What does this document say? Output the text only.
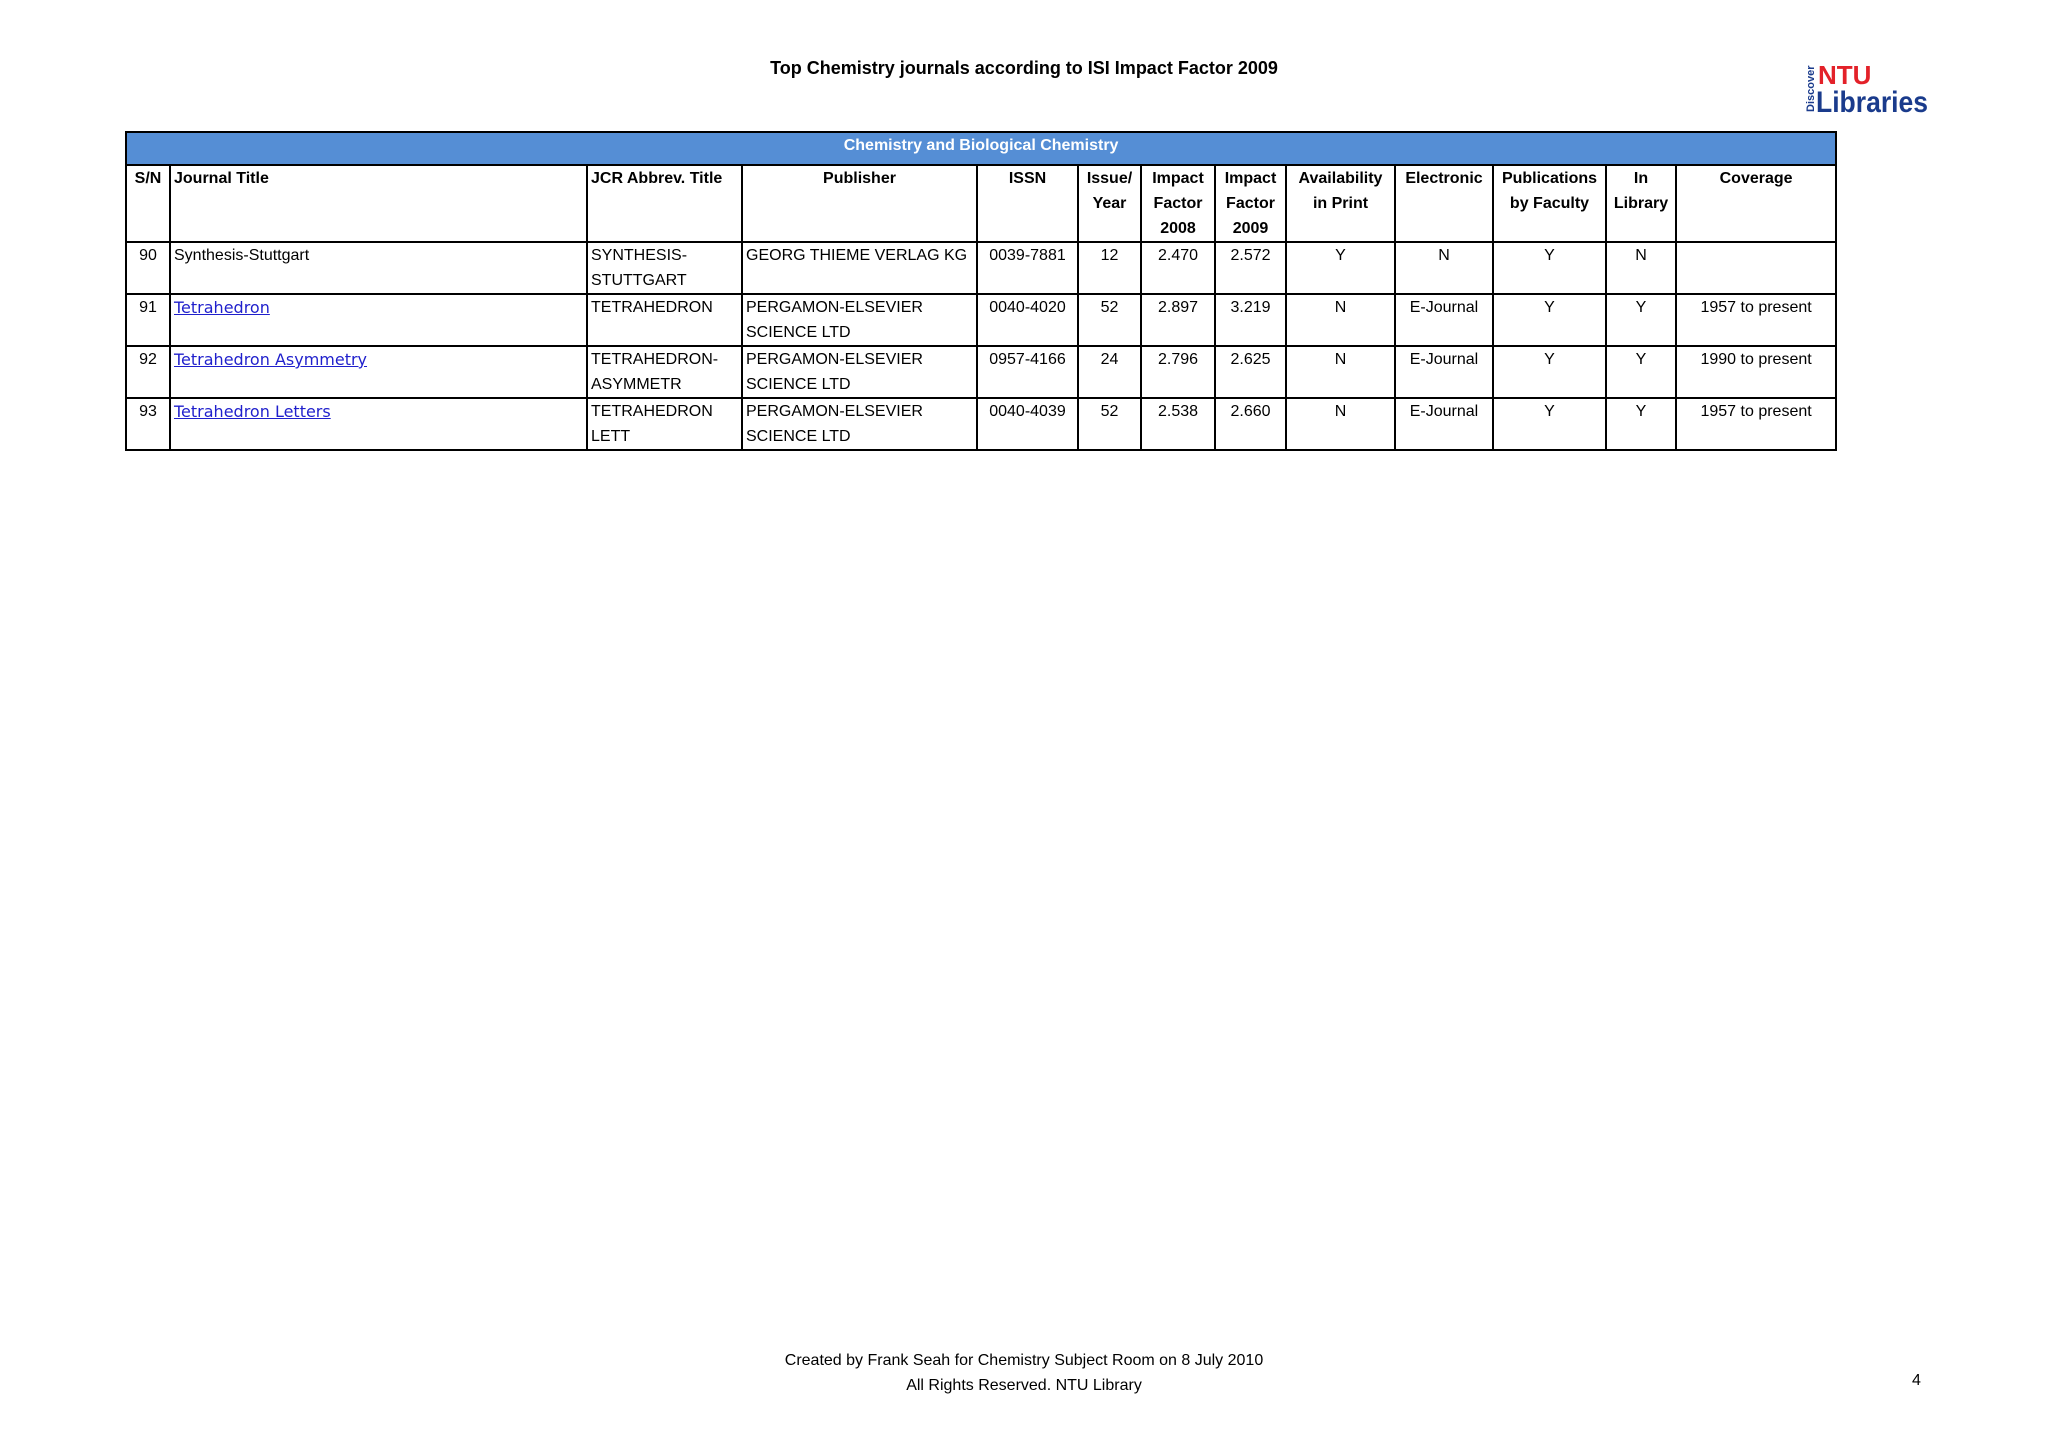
Top Chemistry journals according to ISI Impact Factor 2009	Discover NTU
Libraries
Chemistry and Biological Chemistry												
S/N	Journal Title	JCR Abbrev. Title	Publisher	ISSN	Issue/ Year	Impact Factor 2008	Impact Factor 2009	Availability in Print	Electronic	Publications by Faculty	In Library	Coverage
90	Synthesis-Stuttgart	SYNTHESIS- STUTTGART	GEORG THIEME VERLAG KG	0039-7881	12	2.470	2.572	Y	N	Y	N	
91	Tetrahedron	TETRAHEDRON	PERGAMON-ELSEVIER SCIENCE LTD	0040-4020	52	2.897	3.219	N	E-Journal	Y	Y	1957 to present
92	Tetrahedron Asymmetry	TETRAHEDRON- ASYMMETR	PERGAMON-ELSEVIER SCIENCE LTD	0957-4166	24	2.796	2.625	N	E-Journal	Y	Y	1990 to present
93	Tetrahedron Letters	TETRAHEDRON LETT	PERGAMON-ELSEVIER SCIENCE LTD	0040-4039	52	2.538	2.660	N	E-Journal	Y	Y	1957 to present
Created by Frank Seah for Chemistry Subject Room on 8 July 2010
All Rights Reserved. NTU Library	4
